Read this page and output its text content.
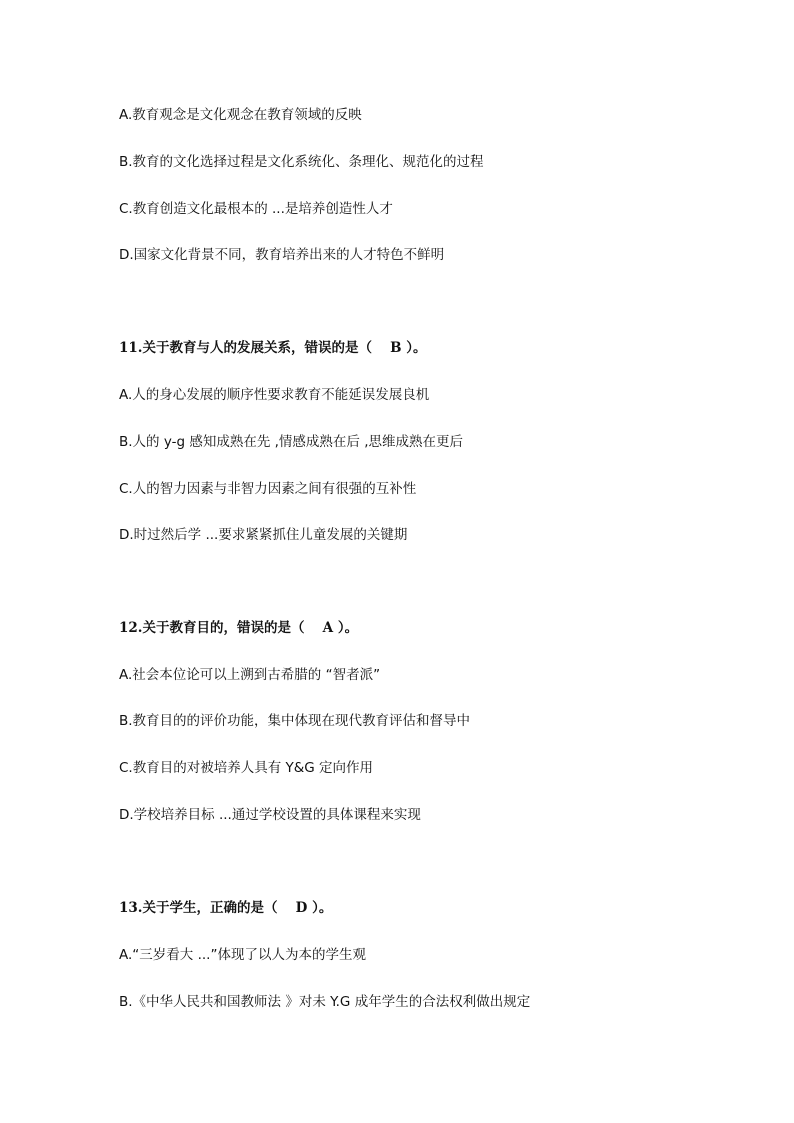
A.教育观念是文化观念在教育领域的反映
B.教育的文化选择过程是文化系统化、条理化、规范化的过程
C.教育创造文化最根本的 ...是培养创造性人才
D.国家文化背景不同，教育培养出来的人才特色不鲜明
11.关于教育与人的发展关系，错误的是（　 B ）。
A.人的身心发展的顺序性要求教育不能延误发展良机
B.人的 y-g 感知成熟在先 ,情感成熟在后 ,思维成熟在更后
C.人的智力因素与非智力因素之间有很强的互补性
D.时过然后学 ...要求紧紧抓住儿童发展的关键期
12.关于教育目的，错误的是（　 A ）。
A.社会本位论可以上溯到古希腊的 “智者派”
B.教育目的的评价功能，集中体现在现代教育评估和督导中
C.教育目的对被培养人具有 Y&G 定向作用
D.学校培养目标 ...通过学校设置的具体课程来实现
13.关于学生，正确的是（　 D ）。
A.“三岁看大 ...”体现了以人为本的学生观
B.《中华人民共和国教师法 》对未 Y.G 成年学生的合法权利做出规定
